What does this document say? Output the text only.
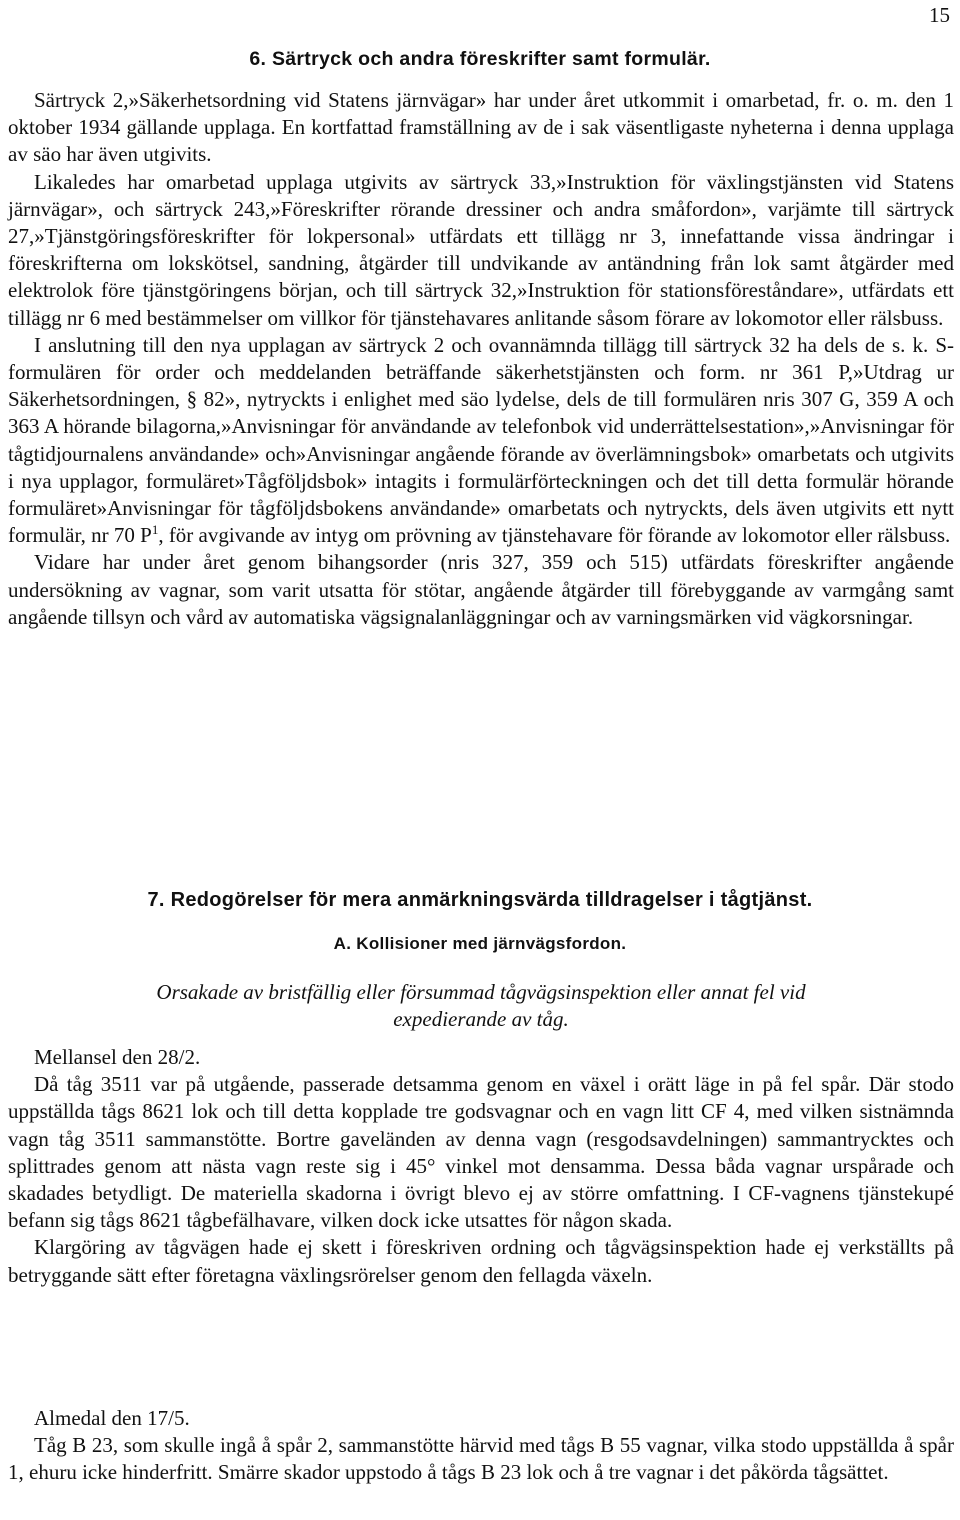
15
6. Särtryck och andra föreskrifter samt formulär.

Särtryck 2,»Säkerhetsordning vid Statens järnvägar» har under året utkommit i omarbetad, fr. o. m. den 1 oktober 1934 gällande upplaga. En kortfattad framställning av de i sak väsentligaste nyheterna i denna upplaga av säo har även utgivits.

Likaledes har omarbetad upplaga utgivits av särtryck 33,»Instruktion för växlingstjänsten vid Statens järnvägar», och särtryck 243,»Föreskrifter rörande dressiner och andra småfordon», varjämte till särtryck 27,»Tjänstgöringsföreskrifter för lokpersonal» utfärdats ett tillägg nr 3, innefattande vissa ändringar i föreskrifterna om lokskötsel, sandning, åtgärder till undvikande av antändning från lok samt åtgärder med elektrolok före tjänstgöringens början, och till särtryck 32,»Instruktion för stationsföreståndare», utfärdats ett tillägg nr 6 med bestämmelser om villkor för tjänstehavares anlitande såsom förare av lokomotor eller rälsbuss.

I anslutning till den nya upplagan av särtryck 2 och ovannämnda tillägg till särtryck 32 ha dels de s. k. S-formulären för order och meddelanden beträffande säkerhetstjänsten och form. nr 361 P,»Utdrag ur Säkerhetsordningen, § 82», nytryckts i enlighet med säo lydelse, dels de till formulären nris 307 G, 359 A och 363 A hörande bilagorna,»Anvisningar för användande av telefonbok vid underrättelsestation»,»Anvisningar för tågtidjournalens användande» och»Anvisningar angående förande av överlämningsbok» omarbetats och utgivits i nya upplagor, formuläret»Tågföljdsbok» intagits i formulärförteckningen och det till detta formulär hörande formuläret»Anvisningar för tågföljdsbokens användande» omarbetats och nytryckts, dels även utgivits ett nytt formulär, nr 70 $P^1$, för avgivande av intyg om prövning av tjänstehavare för förande av lokomotor eller rälsbuss.

Vidare har under året genom bihangsorder (nris 327, 359 och 515) utfärdats föreskrifter angående undersökning av vagnar, som varit utsatta för stötar, angående åtgärder till förebyggande av varmgång samt angående tillsyn och vård av automatiska vägsignalanläggningar och av varningsmärken vid vägkorsningar.

7. Redogörelser för mera anmärkningsvärda tilldragelser i tågtjänst.
A. Kollisioner med järnvägsfordon.

Orsakade av bristfällig eller försummad tågvägsinspektion eller annat fel vid
expedierande av tåg.

Mellansel den 28/2.

Då tåg 3511 var på utgående, passerade detsamma genom en växel i orätt läge in på fel spår. Där stodo uppställda tågs 8621 lok och till detta kopplade tre godsvagnar och en vagn litt CF 4, med vilken sistnämnda vagn tåg 3511 sammanstötte. Bortre gaveländen av denna vagn (resgodsavdelningen) sammantrycktes och splittrades genom att nästa vagn reste sig i 45° vinkel mot densamma. Dessa båda vagnar urspårade och skadades betydligt. De materiella skadorna i övrigt blevo ej av större omfattning. I CF-vagnens tjänstekupé befann sig tågs 8621 tågbefälhavare, vilken dock icke utsattes för någon skada.

Klargöring av tågvägen hade ej skett i föreskriven ordning och tågvägsinspektion hade ej verkställts på betryggande sätt efter företagna växlingsrörelser genom den fellagda växeln.

Almedal den 17/5.

Tåg B 23, som skulle ingå å spår 2, sammanstötte härvid med tågs B 55 vagnar, vilka stodo uppställda å spår 1, ehuru icke hinderfritt. Smärre skador uppstodo å tågs B 23 lok och å tre vagnar i det påkörda tågsättet.
